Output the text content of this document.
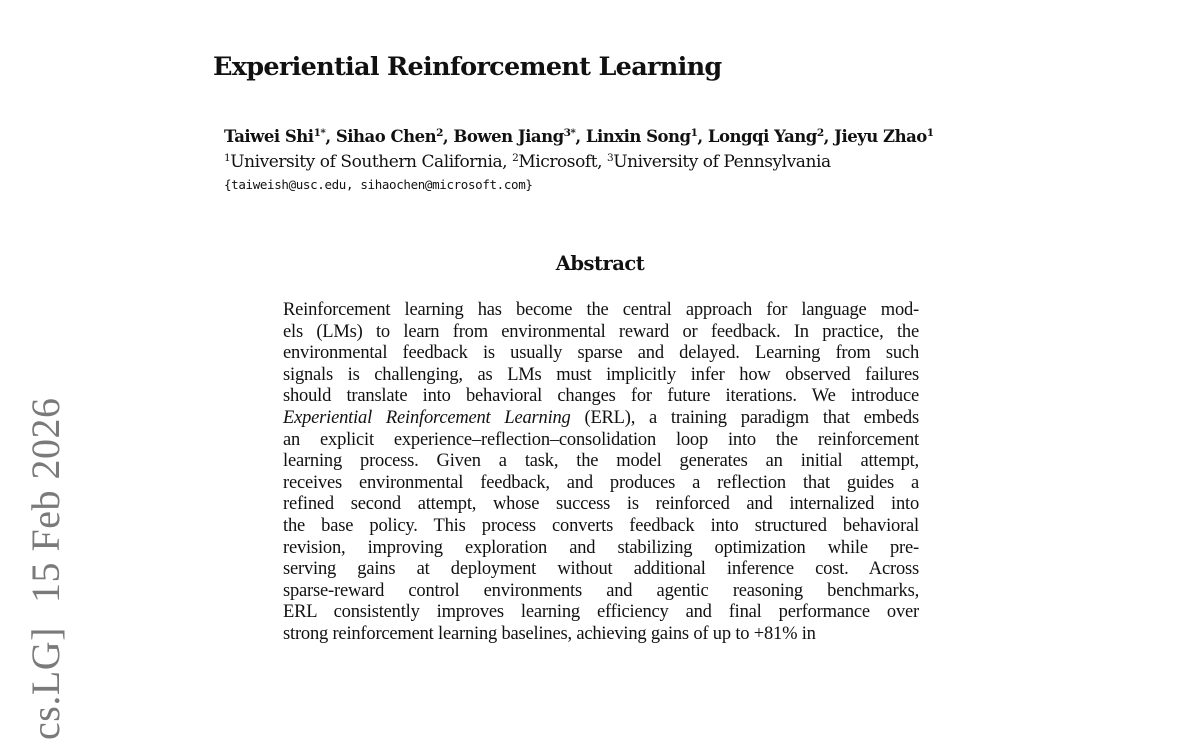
cs.LG]15 Feb 2026
Experiential Reinforcement Learning
Taiwei Shi$^{1*}$, Sihao Chen$^2$, Bowen Jiang$^{3*}$, Linxin Song$^1$, Longqi Yang$^2$, Jieyu Zhao$^1$
$^1$University of Southern California, $^2$Microsoft, $^3$University of Pennsylvania
{taiweish@usc.edu, sihaochen@microsoft.com}
Abstract
Reinforcement learning has become the central approach for language mod-
els (LMs) to learn from environmental reward or feedback. In practice, the
environmental feedback is usually sparse and delayed. Learning from such
signals is challenging, as LMs must implicitly infer how observed failures
should translate into behavioral changes for future iterations. We introduce
Experiential Reinforcement Learning (ERL), a training paradigm that embeds
an explicit experience–reflection–consolidation loop into the reinforcement
learning process. Given a task, the model generates an initial attempt,
receives environmental feedback, and produces a reflection that guides a
refined second attempt, whose success is reinforced and internalized into
the base policy. This process converts feedback into structured behavioral
revision, improving exploration and stabilizing optimization while pre-
serving gains at deployment without additional inference cost. Across
sparse-reward control environments and agentic reasoning benchmarks,
ERL consistently improves learning efficiency and final performance over
strong reinforcement learning baselines, achieving gains of up to +81% in
